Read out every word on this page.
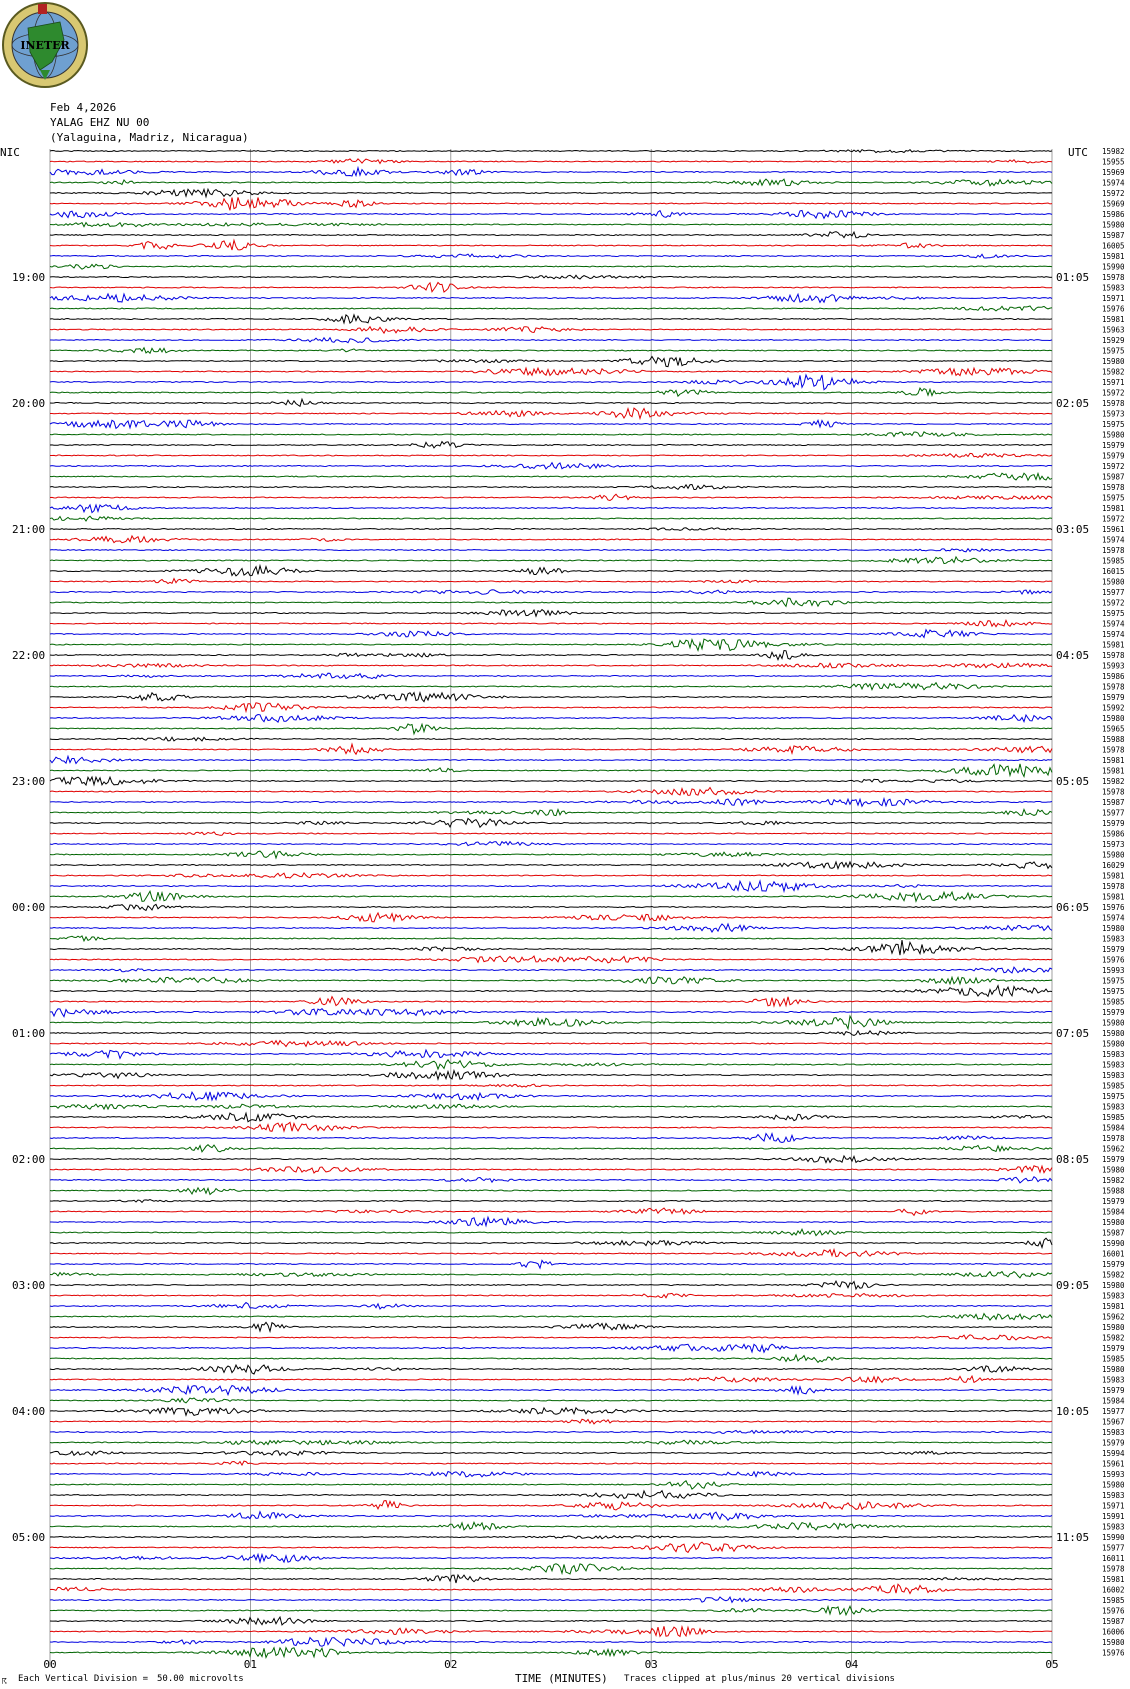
INETER
Feb 4,2026
YALAG EHZ NU 00
(Yalaguina, Madriz, Nicaragua)
NIC	UTC 15982
15955
15969
15974
15972
15969
15986
15980
15987
16005
15981
15990
15978
15983
15971
15976
15981
15963
15929
15975
15980
15982
15971
15972
15978
15973
15975
15980
15979
15979
15972
15987
15978
15975
15981
15972
15961
15974
15978
15985
16015
15980
15977
15972
15975
15974
15974
15981
15978
15993
15986
15978
15979
15992
15980
15965
15988
15978
15981
15981
15982
15978
15987
15977
15979
15986
15973
15980
16029
15981
15978
15981
15976
15974
15980
15983
15979
15976
15993
15975
15975
15985
15979
15980
15980
15980
15983
15983
15983
15985
15975
15983
15985
15984
15978
15962
15979
15980
15982
15988
15979
15984
15980
15987
15990
16001
15979
15982
15980
15983
15981
15962
15980
15982
15979
15985
15980
15983
15979
15984
15977
15967
15983
15979
15994
15961
15993
15980
15983
15971
15991
15983
15990
15977
16011
15978
15981
16002
15985
15976
15987
16006
15980
15976
19:00
20:00
21:00
22:00
23:00
00:00
01:00
02:00
03:00
04:00
05:00
01:05
02:05
03:05
04:05
05:05
06:05
07:05
08:05
09:05
10:05
11:05
00	01	02	03	04	05
☈ Each Vertical Division = 50.00 microvolts	TIME (MINUTES) Traces clipped at plus/minus 20 vertical divisions
